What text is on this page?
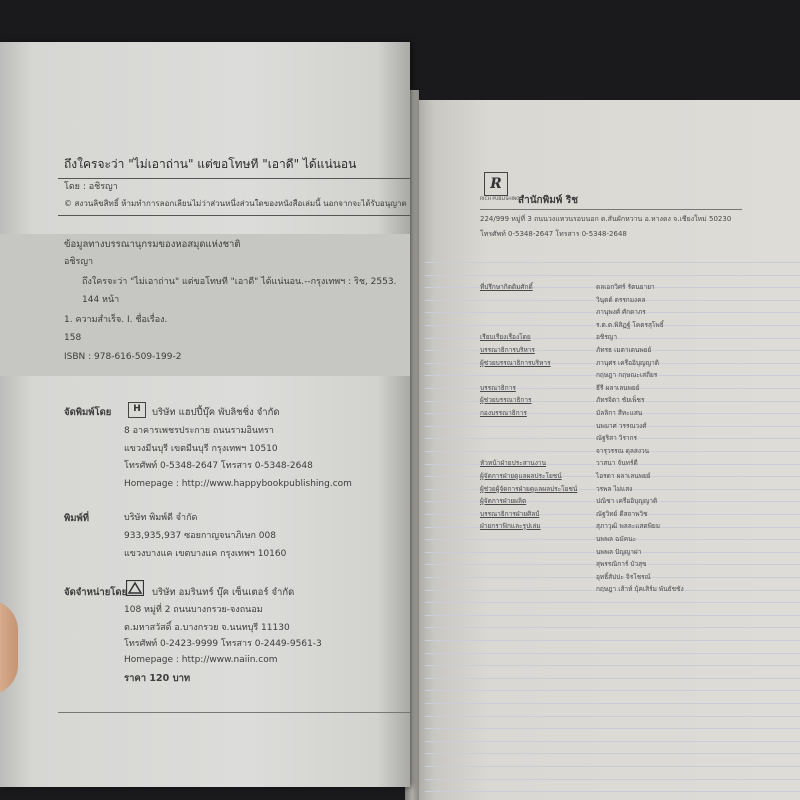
ถึงใครจะว่า "ไม่เอาถ่าน" แต่ขอโทษที "เอาดี" ได้แน่นอน
โดย : อชิรญา
© สงวนลิขสิทธิ์ ห้ามทำการลอกเลียนไม่ว่าส่วนหนึ่งส่วนใดของหนังสือเล่มนี้ นอกจากจะได้รับอนุญาต
ข้อมูลทางบรรณานุกรมของหอสมุดแห่งชาติ
อชิรญา
ถึงใครจะว่า "ไม่เอาถ่าน" แต่ขอโทษที "เอาดี" ได้แน่นอน.--กรุงเทพฯ : ริช, 2553.
144 หน้า
1. ความสำเร็จ. I. ชื่อเรื่อง.
158
ISBN : 978-616-509-199-2
จัดพิมพ์โดย	H	บริษัท แฮปปี้บุ๊ค พับลิชชิ่ง จำกัด
8 อาคารเพชรประกาย ถนนรามอินทรา
แขวงมีนบุรี เขตมีนบุรี กรุงเทพฯ 10510
โทรศัพท์ 0-5348-2647 โทรสาร 0-5348-2648
Homepage : http://www.happybookpublishing.com
พิมพ์ที่	บริษัท พิมพ์ดี จำกัด
933,935,937 ซอยกาญจนาภิเษก 008
แขวงบางแค เขตบางแค กรุงเทพฯ 10160
จัดจำหน่ายโดย	บริษัท อมรินทร์ บุ๊ค เซ็นเตอร์ จำกัด
108 หมู่ที่ 2 ถนนบางกรวย-จงถนอม
ต.มหาสวัสดิ์ อ.บางกรวย จ.นนทบุรี 11130
โทรศัพท์ 0-2423-9999 โทรสาร 0-2449-9561-3
Homepage : http://www.naiin.com
ราคา 120 บาท
R
RICH PUBLISHING
สำนักพิมพ์ ริช
224/999 หมู่ที่ 3 ถนนวงแหวนรอบนอก ต.สันผักหวาน อ.หางดง จ.เชียงใหม่ 50230
โทรศัพท์ 0-5348-2647 โทรสาร 0-5348-2648
ที่ปรึกษากิตติมศักดิ์	ดลเอกวิศร์ รัตนยายา
วินุตต์ ตรรกมงคล
ภานุพงศ์ ศักดาภร
ร.ต.ต.พิสิฏฐ์ โคตรสุโพธิ์
เรียบเรียงเรื่องโดย	อชิรญา
บรรณาธิการบริหาร	ภัทรธ เมตาเดนพยย์
ผู้ช่วยบรรณาธิการบริหาร	ภานุศร เครืออิบุญญาติ
กฤษฎา กฤษณะเสถียร
บรรณาธิการ	ธีรี ผลาเลนพยย์
ผู้ช่วยบรรณาธิการ	ภัทรจิตา ชัยเพ็ชร
กองบรรณาธิการ	มัลลิกา สีทะแสน
นพมาศ วรรณวงศ์
ณัฐริสา วิรากร
จารุวรรณ ดุลสงวน
หัวหน้าฝ่ายประสานงาน	วาสนา จันทร์ดี
ผู้จัดการฝ่ายดูแลผลประโยชน์	ไอรดา ผลาเลนพยย์
ผู้ช่วยผู้จัดการฝ่ายดูแลผลประโยชน์	วรพล ไม่แสง
ผู้จัดการฝ่ายผลิต	ปณิชา เครืออิบุญญาติ
บรรณาธิการฝ่ายศิลป์	ณัฐวิทย์ ดีสถาพวิช
ฝ่ายกราฟิกและรูปเล่ม	สุภาวุฒิ พลละแสดพิยม
นพพล ฉมัคนะ
นพพล ปัญญาผ่า
สุพรรณิการ์ บัวสุข
อุทธิ์สัปปะ จิรโชรณ์
กฤษฎา เส้าห์ บุ้คเสิร์ม พันธัชชัง
